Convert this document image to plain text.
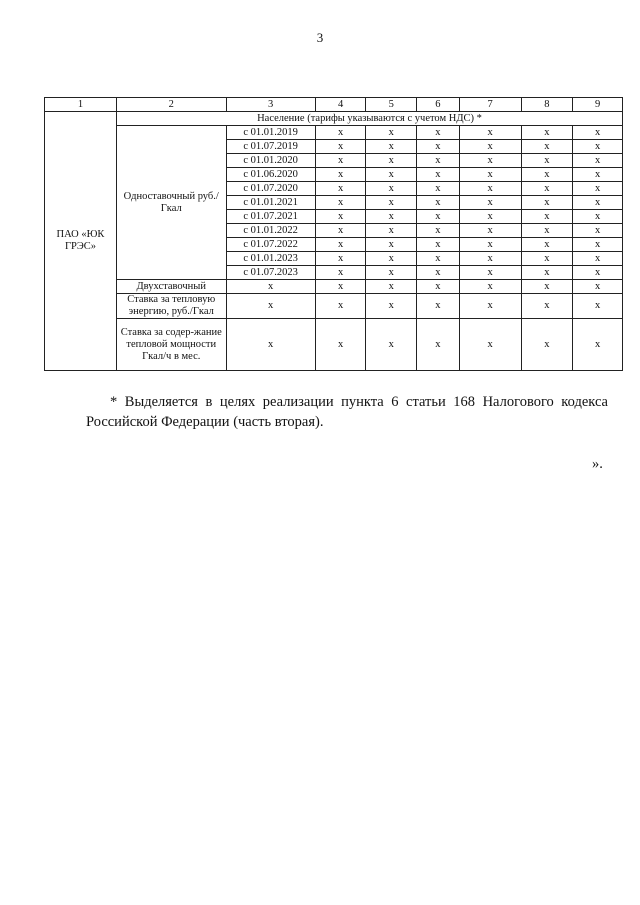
3
1	2	3	4	5	6	7	8	9
ПАО «ЮК ГРЭС»	Население (тарифы указываются с учетом НДС) *							
	Одноставочный руб./Гкал	с 01.01.2019	x	x	x	x	x	x
		с 01.07.2019	x	x	x	x	x	x
		с 01.01.2020	x	x	x	x	x	x
		с 01.06.2020	x	x	x	x	x	x
		с 01.07.2020	x	x	x	x	x	x
		с 01.01.2021	x	x	x	x	x	x
		с 01.07.2021	x	x	x	x	x	x
		с 01.01.2022	x	x	x	x	x	x
		с 01.07.2022	x	x	x	x	x	x
		с 01.01.2023	x	x	x	x	x	x
		с 01.07.2023	x	x	x	x	x	x
	Двухставочный	x	x	x	x	x	x	x
	Ставка за тепловую энергию, руб./Гкал	x	x	x	x	x	x	x
	Ставка за содер-жание тепловой мощности Гкал/ч в мес.	x	x	x	x	x	x	x

* Выделяется в целях реализации пункта 6 статьи 168 Налогового кодекса Российской Федерации (часть вторая).

».
